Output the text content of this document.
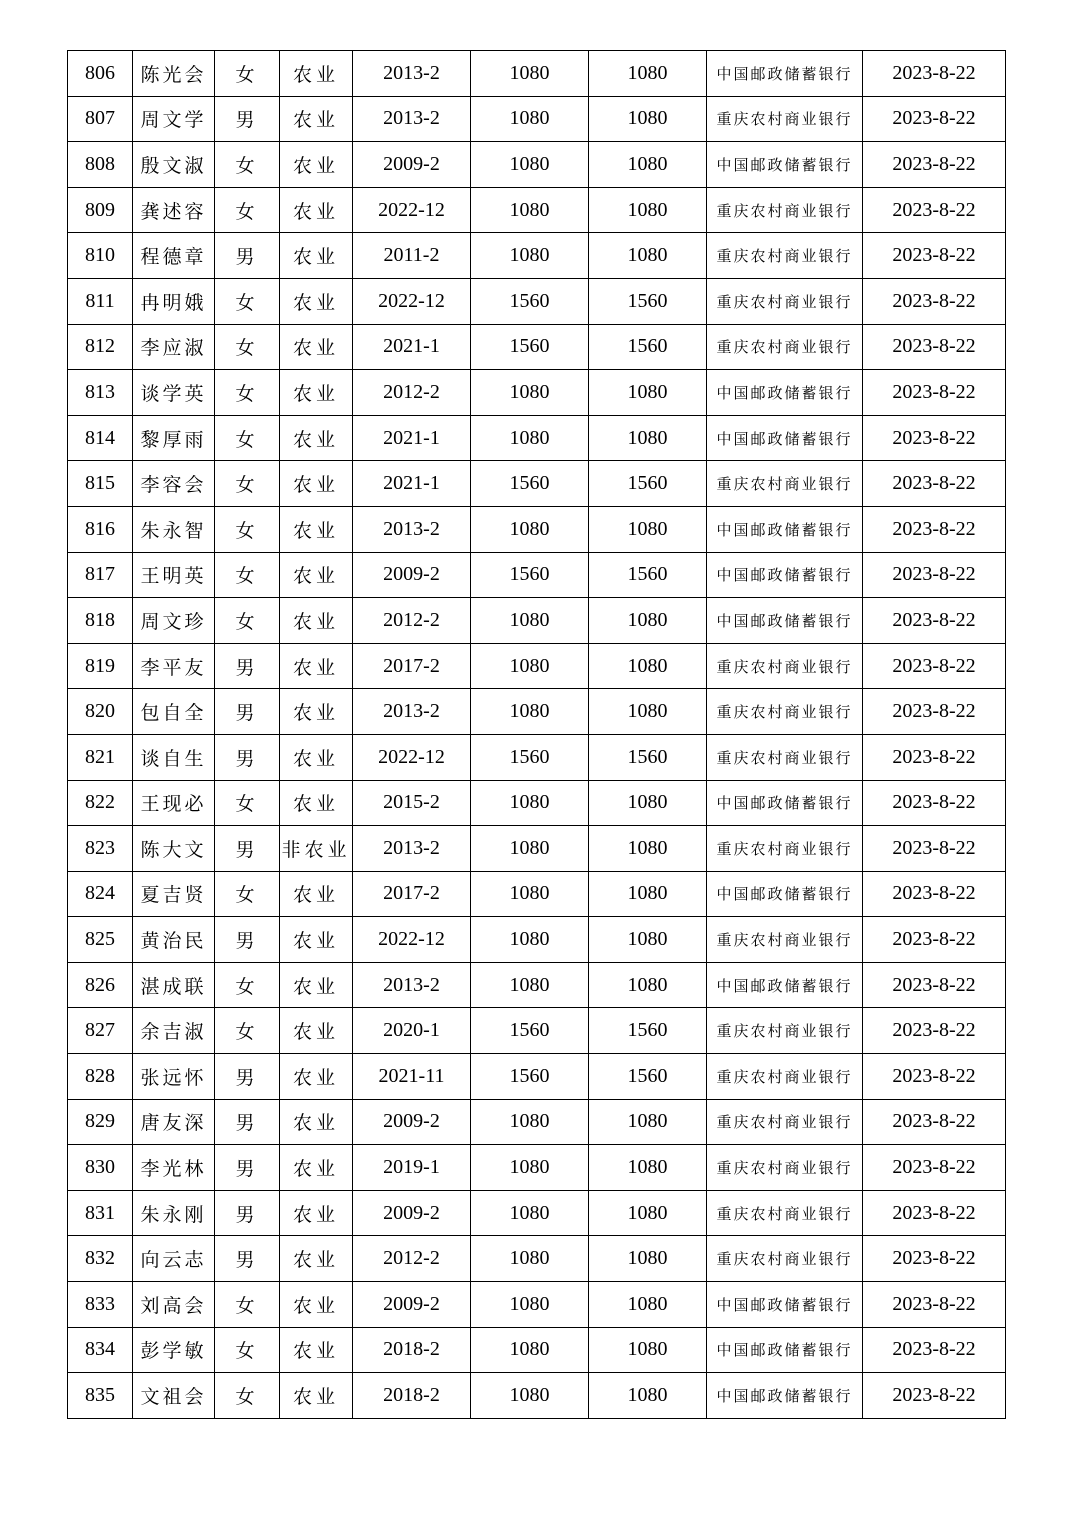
806	陈光会	女	农业	2013-2	1080	1080	中国邮政储蓄银行	2023-8-22
807	周文学	男	农业	2013-2	1080	1080	重庆农村商业银行	2023-8-22
808	殷文淑	女	农业	2009-2	1080	1080	中国邮政储蓄银行	2023-8-22
809	龚述容	女	农业	2022-12	1080	1080	重庆农村商业银行	2023-8-22
810	程德章	男	农业	2011-2	1080	1080	重庆农村商业银行	2023-8-22
811	冉明娥	女	农业	2022-12	1560	1560	重庆农村商业银行	2023-8-22
812	李应淑	女	农业	2021-1	1560	1560	重庆农村商业银行	2023-8-22
813	谈学英	女	农业	2012-2	1080	1080	中国邮政储蓄银行	2023-8-22
814	黎厚雨	女	农业	2021-1	1080	1080	中国邮政储蓄银行	2023-8-22
815	李容会	女	农业	2021-1	1560	1560	重庆农村商业银行	2023-8-22
816	朱永智	女	农业	2013-2	1080	1080	中国邮政储蓄银行	2023-8-22
817	王明英	女	农业	2009-2	1560	1560	中国邮政储蓄银行	2023-8-22
818	周文珍	女	农业	2012-2	1080	1080	中国邮政储蓄银行	2023-8-22
819	李平友	男	农业	2017-2	1080	1080	重庆农村商业银行	2023-8-22
820	包自全	男	农业	2013-2	1080	1080	重庆农村商业银行	2023-8-22
821	谈自生	男	农业	2022-12	1560	1560	重庆农村商业银行	2023-8-22
822	王现必	女	农业	2015-2	1080	1080	中国邮政储蓄银行	2023-8-22
823	陈大文	男	非农业	2013-2	1080	1080	重庆农村商业银行	2023-8-22
824	夏吉贤	女	农业	2017-2	1080	1080	中国邮政储蓄银行	2023-8-22
825	黄治民	男	农业	2022-12	1080	1080	重庆农村商业银行	2023-8-22
826	湛成联	女	农业	2013-2	1080	1080	中国邮政储蓄银行	2023-8-22
827	余吉淑	女	农业	2020-1	1560	1560	重庆农村商业银行	2023-8-22
828	张远怀	男	农业	2021-11	1560	1560	重庆农村商业银行	2023-8-22
829	唐友深	男	农业	2009-2	1080	1080	重庆农村商业银行	2023-8-22
830	李光林	男	农业	2019-1	1080	1080	重庆农村商业银行	2023-8-22
831	朱永刚	男	农业	2009-2	1080	1080	重庆农村商业银行	2023-8-22
832	向云志	男	农业	2012-2	1080	1080	重庆农村商业银行	2023-8-22
833	刘高会	女	农业	2009-2	1080	1080	中国邮政储蓄银行	2023-8-22
834	彭学敏	女	农业	2018-2	1080	1080	中国邮政储蓄银行	2023-8-22
835	文祖会	女	农业	2018-2	1080	1080	中国邮政储蓄银行	2023-8-22
